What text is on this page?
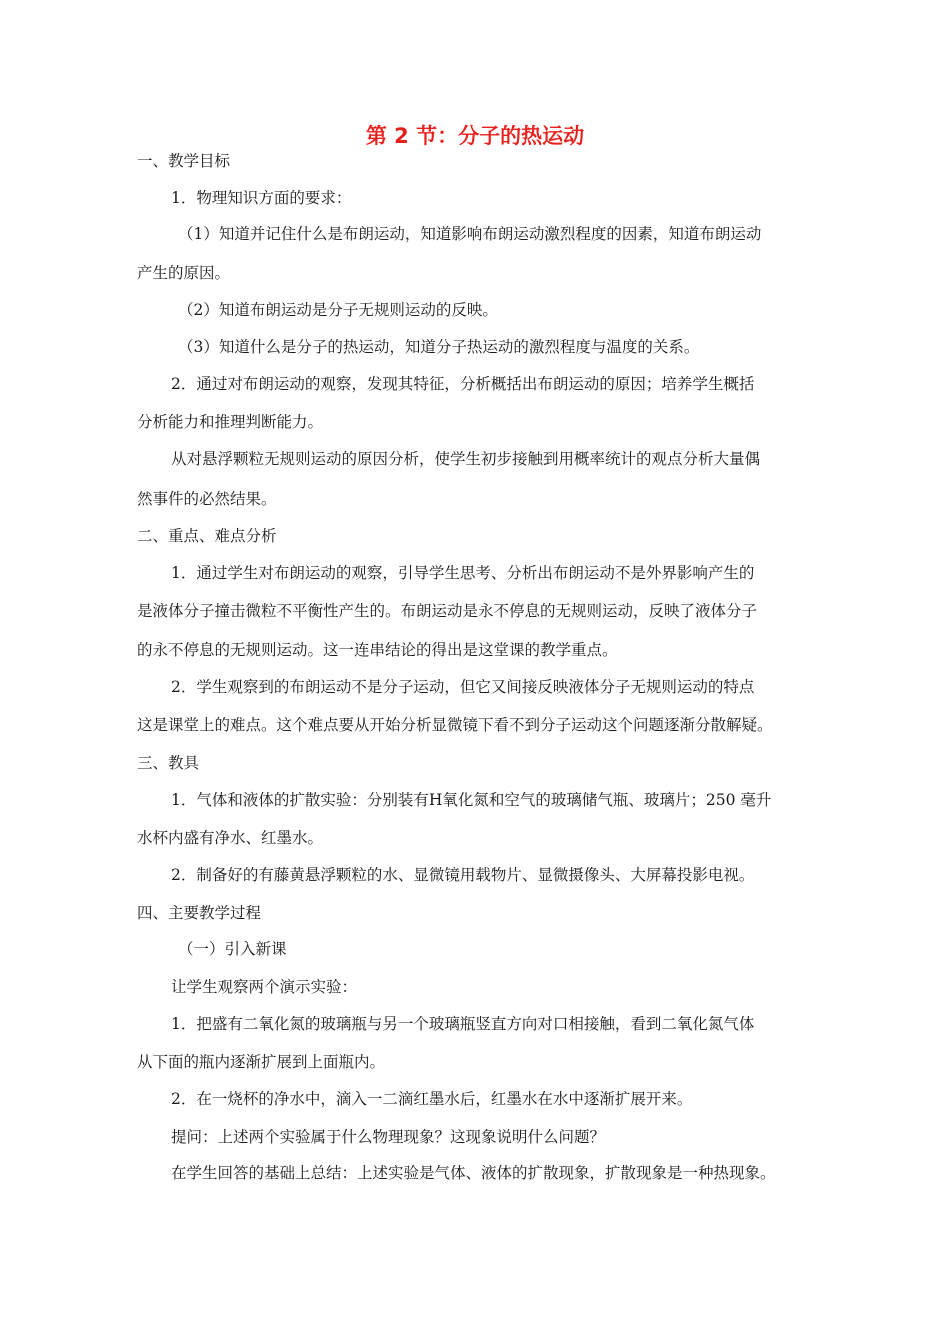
第 2 节：分子的热运动
一、教学目标
1．物理知识方面的要求：
（1）知道并记住什么是布朗运动，知道影响布朗运动激烈程度的因素，知道布朗运动
产生的原因。
（2）知道布朗运动是分子无规则运动的反映。
（3）知道什么是分子的热运动，知道分子热运动的激烈程度与温度的关系。
2．通过对布朗运动的观察，发现其特征，分析概括出布朗运动的原因；培养学生概括
分析能力和推理判断能力。
从对悬浮颗粒无规则运动的原因分析，使学生初步接触到用概率统计的观点分析大量偶
然事件的必然结果。
二、重点、难点分析
1．通过学生对布朗运动的观察，引导学生思考、分析出布朗运动不是外界影响产生的
是液体分子撞击微粒不平衡性产生的。布朗运动是永不停息的无规则运动，反映了液体分子
的永不停息的无规则运动。这一连串结论的得出是这堂课的教学重点。
2．学生观察到的布朗运动不是分子运动，但它又间接反映液体分子无规则运动的特点
这是课堂上的难点。这个难点要从开始分析显微镜下看不到分子运动这个问题逐渐分散解疑。
三、教具
1．气体和液体的扩散实验：分别装有H氧化氮和空气的玻璃储气瓶、玻璃片；250 毫升
水杯内盛有净水、红墨水。
2．制备好的有藤黄悬浮颗粒的水、显微镜用载物片、显微摄像头、大屏幕投影电视。
四、主要教学过程
（一）引入新课
让学生观察两个演示实验：
1．把盛有二氧化氮的玻璃瓶与另一个玻璃瓶竖直方向对口相接触，看到二氧化氮气体
从下面的瓶内逐渐扩展到上面瓶内。
2．在一烧杯的净水中，滴入一二滴红墨水后，红墨水在水中逐渐扩展开来。
提问：上述两个实验属于什么物理现象？这现象说明什么问题？
在学生回答的基础上总结：上述实验是气体、液体的扩散现象，扩散现象是一种热现象。
